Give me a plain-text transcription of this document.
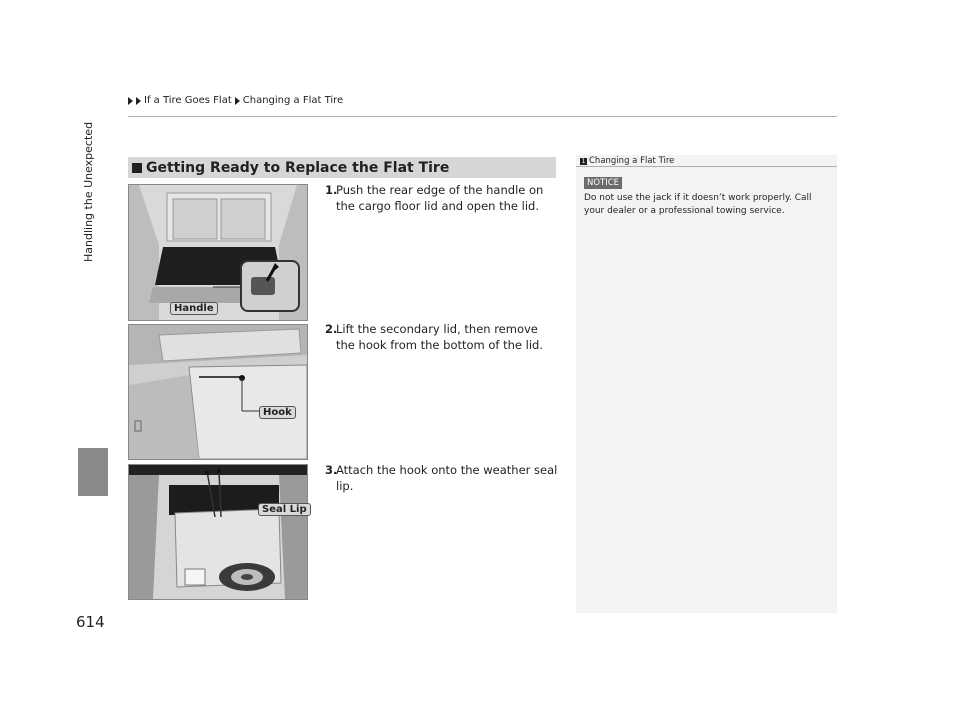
If a Tire Goes Flat Changing a Flat Tire
Handling the Unexpected
614
Getting Ready to Replace the Flat Tire
Handle
Hook
Seal Lip
1.
Push the rear edge of the handle on the cargo floor lid and open the lid.
2.
Lift the secondary lid, then remove the hook from the bottom of the lid.
3.
Attach the hook onto the weather seal lip.
1 Changing a Flat Tire
NOTICE
Do not use the jack if it doesn’t work properly. Call your dealer or a professional towing service.
